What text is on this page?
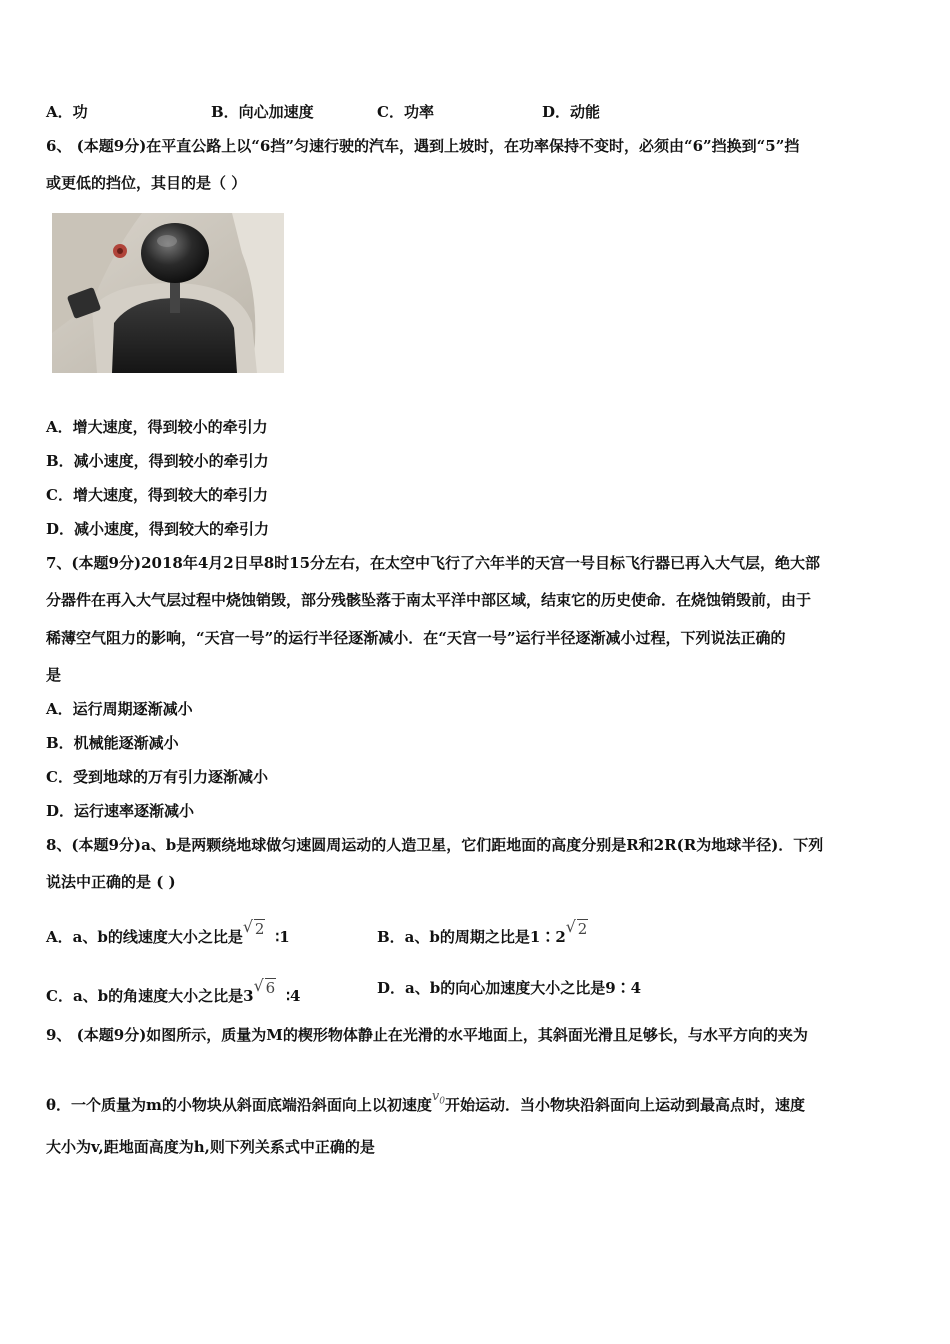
A．功	B．向心加速度	C．功率	D．动能
6、 (本题9分)在平直公路上以“6挡”匀速行驶的汽车，遇到上坡时，在功率保持不变时，必须由“6”挡换到“5”挡
或更低的挡位，其目的是（ ）
A．增大速度，得到较小的牵引力
B．减小速度，得到较小的牵引力
C．增大速度，得到较大的牵引力
D．减小速度，得到较大的牵引力
7、(本题9分)2018年4月2日早8时15分左右，在太空中飞行了六年半的天宫一号目标飞行器已再入大气层，绝大部
分器件在再入大气层过程中烧蚀销毁，部分残骸坠落于南太平洋中部区域，结束它的历史使命．在烧蚀销毁前，由于
稀薄空气阻力的影响，“天宫一号”的运行半径逐渐减小．在“天宫一号”运行半径逐渐减小过程，下列说法正确的
是
A．运行周期逐渐减小
B．机械能逐渐减小
C．受到地球的万有引力逐渐减小
D．运行速率逐渐减小
8、(本题9分)a、b是两颗绕地球做匀速圆周运动的人造卫星，它们距地面的高度分别是R和2R(R为地球半径)．下列
说法中正确的是 ( )
A．a、b的线速度大小之比是
√ 2 ∶1	B．a、b的周期之比是1∶2
√ 2
C．a、b的角速度大小之比是3
√ 6 ∶4	D．a、b的向心加速度大小之比是9∶4
9、 (本题9分)如图所示，质量为M的楔形物体静止在光滑的水平地面上，其斜面光滑且足够长，与水平方向的夹为
θ．一个质量为m的小物块从斜面底端沿斜面向上以初速度$v_0$开始运动．当小物块沿斜面向上运动到最高点时，速度
大小为v,距地面高度为h,则下列关系式中正确的是
